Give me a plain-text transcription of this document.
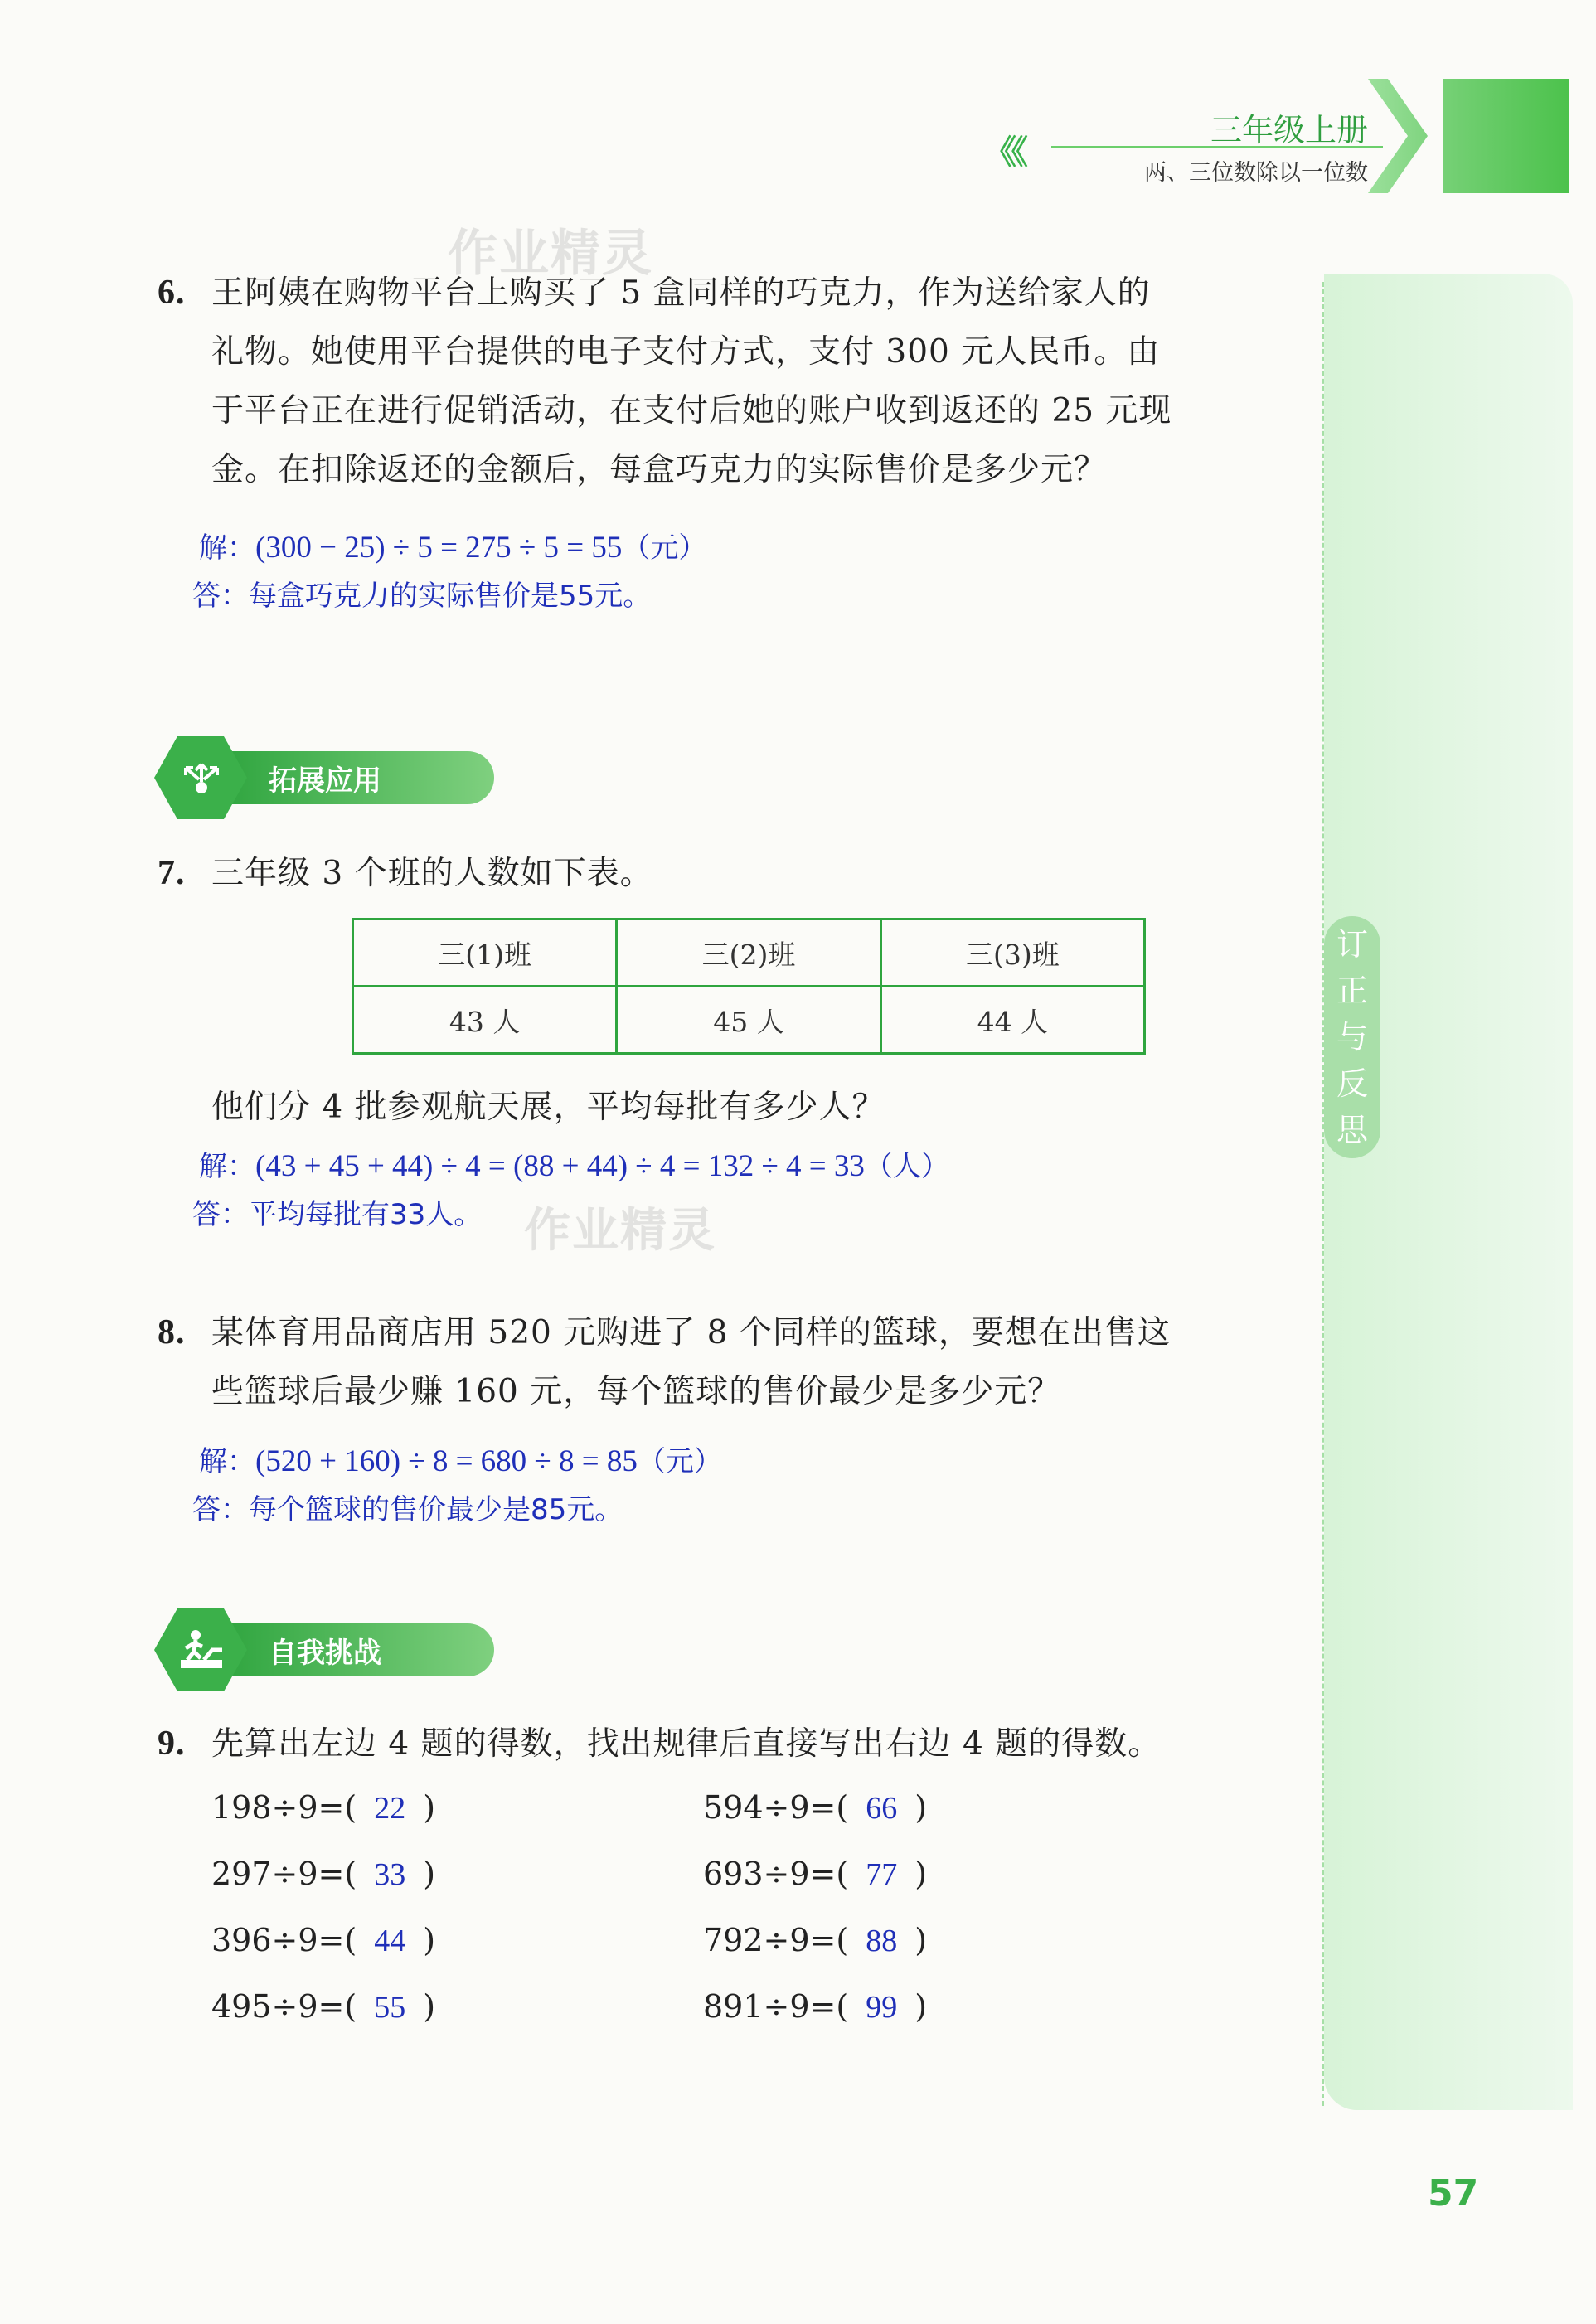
《《
三年级上册
两、三位数除以一位数
订
正
与
反
思
作业精灵
作业精灵
6. 王阿姨在购物平台上购买了 5 盒同样的巧克力，作为送给家人的
礼物。她使用平台提供的电子支付方式，支付 300 元人民币。由
于平台正在进行促销活动，在支付后她的账户收到返还的 25 元现
金。在扣除返还的金额后，每盒巧克力的实际售价是多少元？
解：(300 − 25) ÷ 5 = 275 ÷ 5 = 55（元）
答：每盒巧克力的实际售价是55元。
拓展应用
7. 三年级 3 个班的人数如下表。
三(1)班	三(2)班	三(3)班
43 人	45 人	44 人
他们分 4 批参观航天展，平均每批有多少人？
解：(43 + 45 + 44) ÷ 4 = (88 + 44) ÷ 4 = 132 ÷ 4 = 33（人）
答：平均每批有33人。
8. 某体育用品商店用 520 元购进了 8 个同样的篮球，要想在出售这
些篮球后最少赚 160 元，每个篮球的售价最少是多少元？
解：(520 + 160) ÷ 8 = 680 ÷ 8 = 85（元）
答：每个篮球的售价最少是85元。
自我挑战
9. 先算出左边 4 题的得数，找出规律后直接写出右边 4 题的得数。
198÷9=( 22 )
297÷9=( 33 )
396÷9=( 44 )
495÷9=( 55 )
594÷9=( 66 )
693÷9=( 77 )
792÷9=( 88 )
891÷9=( 99 )
57
